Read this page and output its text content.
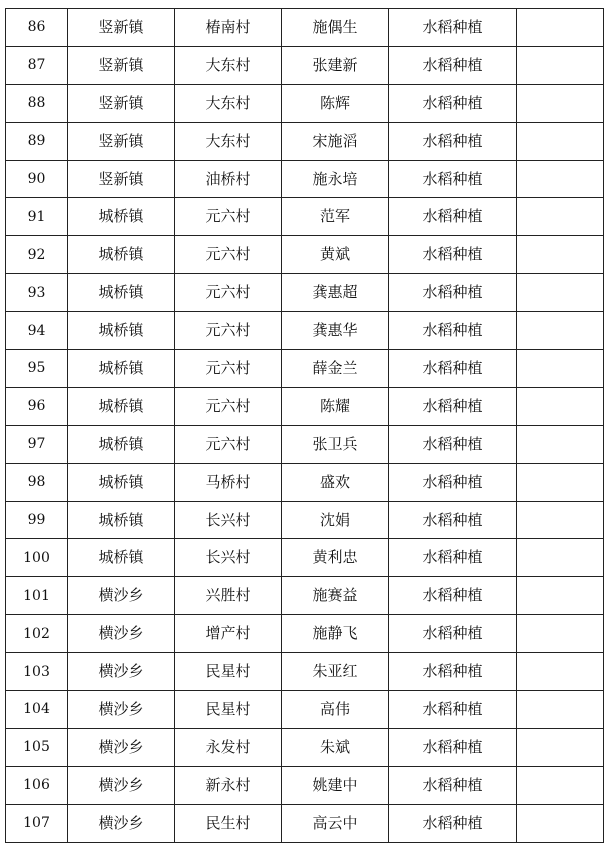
86	竖新镇	椿南村	施偶生	水稻种植	
87	竖新镇	大东村	张建新	水稻种植	
88	竖新镇	大东村	陈辉	水稻种植	
89	竖新镇	大东村	宋施滔	水稻种植	
90	竖新镇	油桥村	施永培	水稻种植	
91	城桥镇	元六村	范军	水稻种植	
92	城桥镇	元六村	黄斌	水稻种植	
93	城桥镇	元六村	龚惠超	水稻种植	
94	城桥镇	元六村	龚惠华	水稻种植	
95	城桥镇	元六村	薛金兰	水稻种植	
96	城桥镇	元六村	陈耀	水稻种植	
97	城桥镇	元六村	张卫兵	水稻种植	
98	城桥镇	马桥村	盛欢	水稻种植	
99	城桥镇	长兴村	沈娟	水稻种植	
100	城桥镇	长兴村	黄利忠	水稻种植	
101	横沙乡	兴胜村	施赛益	水稻种植	
102	横沙乡	增产村	施静飞	水稻种植	
103	横沙乡	民星村	朱亚红	水稻种植	
104	横沙乡	民星村	高伟	水稻种植	
105	横沙乡	永发村	朱斌	水稻种植	
106	横沙乡	新永村	姚建中	水稻种植	
107	横沙乡	民生村	高云中	水稻种植	
